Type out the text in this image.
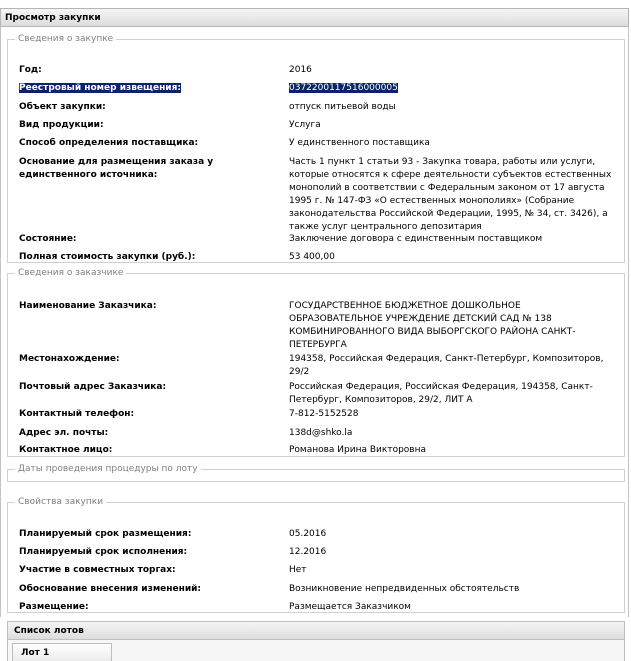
Просмотр закупки
Сведения о закупке
Год:	2016
Реестровый номер извещения:	0372200117516000005
Объект закупки:	отпуск питьевой воды
Вид продукции:	Услуга
Способ определения поставщика:	У единственного поставщика
Основание для размещения заказа у
единственного источника:
Часть 1 пункт 1 статьи 93 - Закупка товара, работы или услуги,
которые относятся к сфере деятельности субъектов естественных
монополий в соответствии с Федеральным законом от 17 августа
1995 г. № 147-ФЗ «О естественных монополиях» (Собрание
законодательства Российской Федерации, 1995, № 34, ст. 3426), а
также услуг центрального депозитария
Состояние:	Заключение договора с единственным поставщиком
Полная стоимость закупки (руб.):	53 400,00
Сведения о заказчике
Наименование Заказчика:	ГОСУДАРСТВЕННОЕ БЮДЖЕТНОЕ ДОШКОЛЬНОЕ
ОБРАЗОВАТЕЛЬНОЕ УЧРЕЖДЕНИЕ ДЕТСКИЙ САД № 138
КОМБИНИРОВАННОГО ВИДА ВЫБОРГСКОГО РАЙОНА САНКТ-
ПЕТЕРБУРГА
Местонахождение:	194358, Российская Федерация, Санкт-Петербург, Композиторов,
29/2
Почтовый адрес Заказчика:	Российская Федерация, Российская Федерация, 194358, Санкт-
Петербург, Композиторов, 29/2, ЛИТ А
Контактный телефон:	7-812-5152528
Адрес эл. почты:	138d@shko.la
Контактное лицо:	Романова Ирина Викторовна
Даты проведения процедуры по лоту
Свойства закупки
Планируемый срок размещения:	05.2016
Планируемый срок исполнения:	12.2016
Участие в совместных торгах:	Нет
Обоснование внесения изменений:	Возникновение непредвиденных обстоятельств
Размещение:	Размещается Заказчиком
Список лотов
Лот 1
